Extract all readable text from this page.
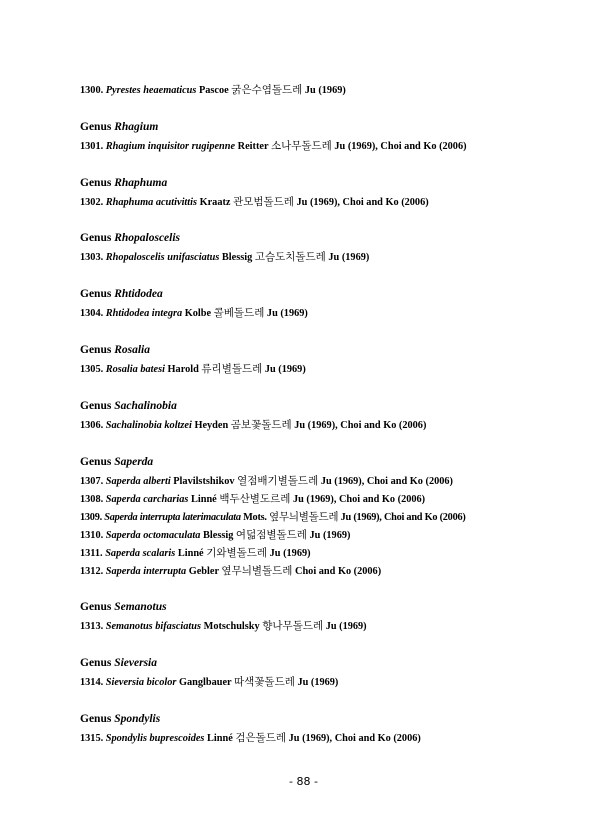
1300. Pyrestes heaematicus Pascoe 굵은수염돌드레 Ju (1969)
Genus Rhagium
1301. Rhagium inquisitor rugipenne Reitter 소나무돌드레 Ju (1969), Choi and Ko (2006)
Genus Rhaphuma
1302. Rhaphuma acutivittis Kraatz 관모범돌드레 Ju (1969), Choi and Ko (2006)
Genus Rhopaloscelis
1303. Rhopaloscelis unifasciatus Blessig 고슴도치돌드레 Ju (1969)
Genus Rhtidodea
1304. Rhtidodea integra Kolbe 콜베돌드레 Ju (1969)
Genus Rosalia
1305. Rosalia batesi Harold 류리별돌드레 Ju (1969)
Genus Sachalinobia
1306. Sachalinobia koltzei Heyden 곰보꽃돌드레 Ju (1969), Choi and Ko (2006)
Genus Saperda
1307. Saperda alberti Plavilstshikov 열점배기별돌드레 Ju (1969), Choi and Ko (2006)
1308. Saperda carcharias Linné 백두산별도르레 Ju (1969), Choi and Ko (2006)
1309. Saperda interrupta laterimaculata Mots. 옆무늬별돌드레 Ju (1969), Choi and Ko (2006)
1310. Saperda octomaculata Blessig 여덟점별돌드레 Ju (1969)
1311. Saperda scalaris Linné 기와별돌드레 Ju (1969)
1312. Saperda interrupta Gebler 옆무늬별돌드레 Choi and Ko (2006)
Genus Semanotus
1313. Semanotus bifasciatus Motschulsky 향나무돌드레 Ju (1969)
Genus Sieversia
1314. Sieversia bicolor Ganglbauer 따색꽃돌드레 Ju (1969)
Genus Spondylis
1315. Spondylis buprescoides Linné 검은돌드레 Ju (1969), Choi and Ko (2006)
- 88 -
